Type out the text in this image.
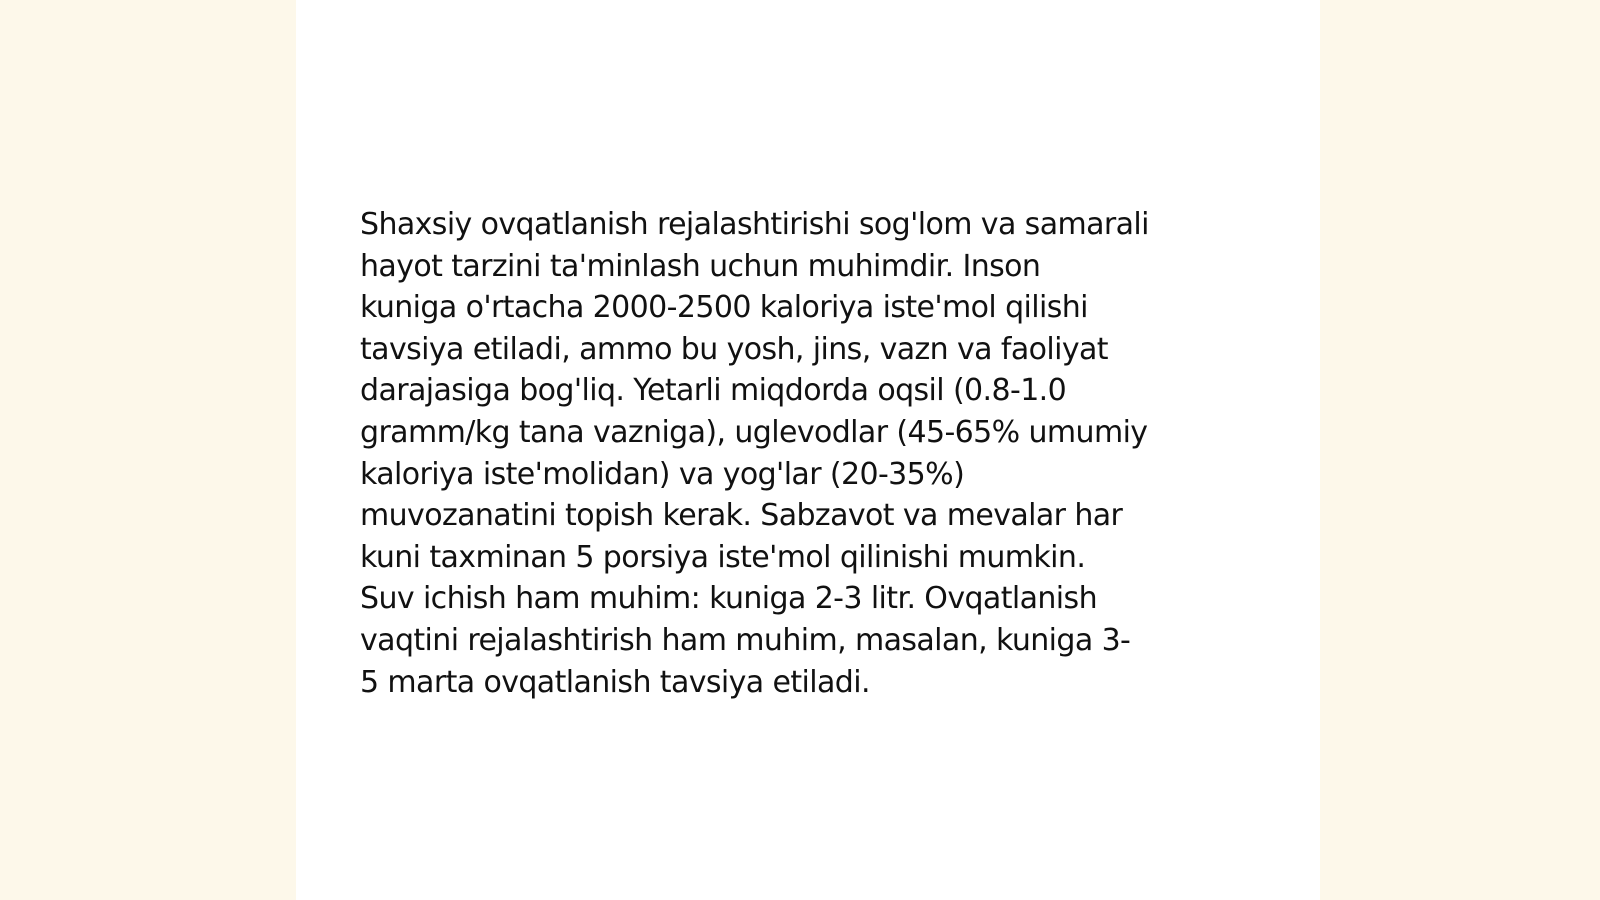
Shaxsiy ovqatlanish rejalashtirishi sog'lom va samarali
hayot tarzini ta'minlash uchun muhimdir. Inson
kuniga o'rtacha 2000-2500 kaloriya iste'mol qilishi
tavsiya etiladi, ammo bu yosh, jins, vazn va faoliyat
darajasiga bog'liq. Yetarli miqdorda oqsil (0.8-1.0
gramm/kg tana vazniga), uglevodlar (45-65% umumiy
kaloriya iste'molidan) va yog'lar (20-35%)
muvozanatini topish kerak. Sabzavot va mevalar har
kuni taxminan 5 porsiya iste'mol qilinishi mumkin.
Suv ichish ham muhim: kuniga 2-3 litr. Ovqatlanish
vaqtini rejalashtirish ham muhim, masalan, kuniga 3-
5 marta ovqatlanish tavsiya etiladi.
